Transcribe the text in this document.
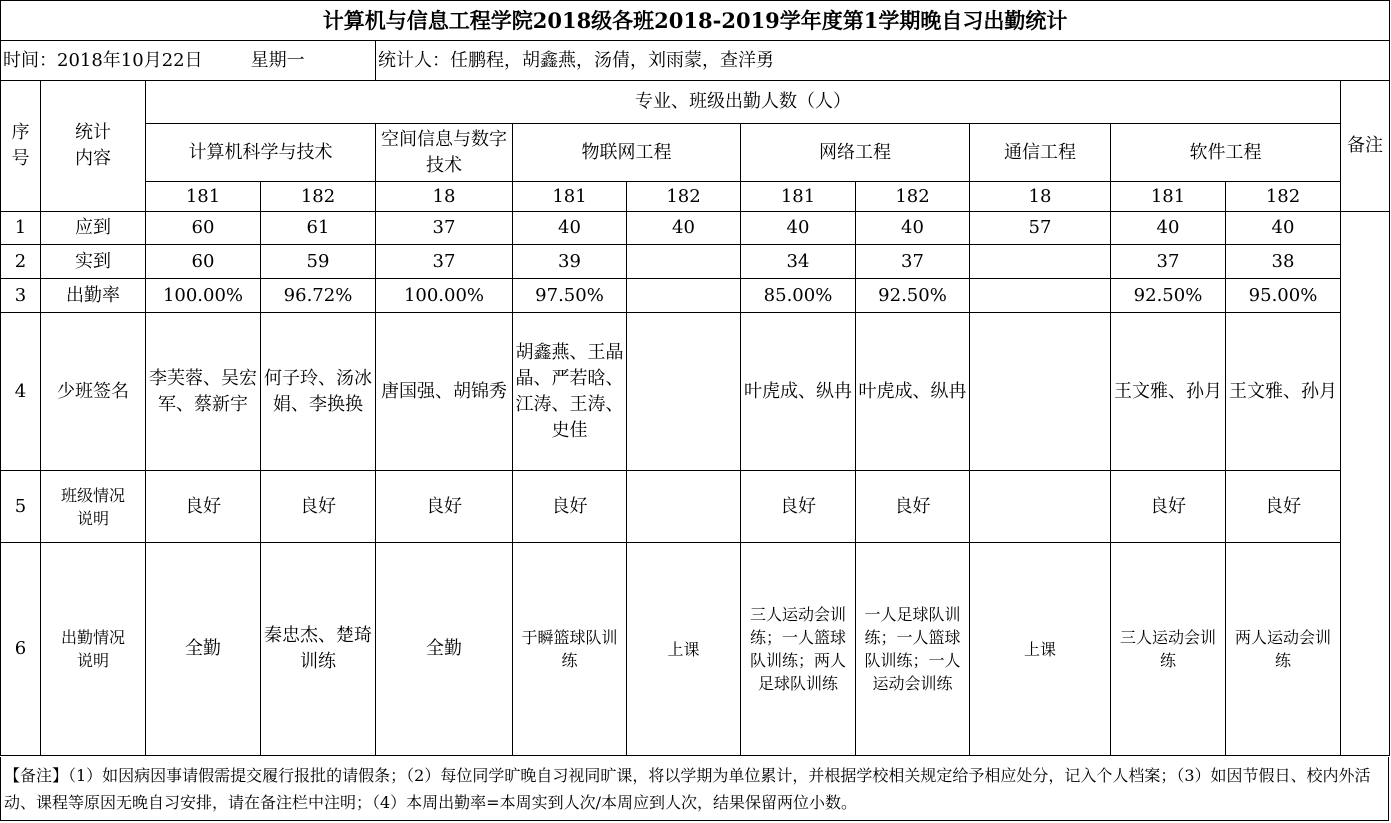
计算机与信息工程学院2018级各班2018-2019学年度第1学期晚自习出勤统计												
时间：2018年10月22日 星期一				统计人：任鹏程，胡鑫燕，汤倩，刘雨蒙，查洋勇								
序号	统计内容	专业、班级出勤人数（人）										备注
		计算机科学与技术		空间信息与数字技术	物联网工程		网络工程		通信工程	软件工程		
		181	182	18	181	182	181	182	18	181	182	
1	应到	60	61	37	40	40	40	40	57	40	40	
2	实到	60	59	37	39		34	37		37	38	
3	出勤率	100.00%	96.72%	100.00%	97.50%		85.00%	92.50%		92.50%	95.00%	
4	少班签名	李芙蓉、吴宏军、蔡新宇	何子玲、汤冰娟、李换换	唐国强、胡锦秀	胡鑫燕、王晶晶、严若晗、江涛、王涛、史佳		叶虎成、纵冉	叶虎成、纵冉		王文雅、孙月	王文雅、孙月	
5	班级情况说明	良好	良好	良好	良好		良好	良好		良好	良好	
6	出勤情况说明	全勤	秦忠杰、楚琦训练	全勤	于瞬篮球队训练	上课	三人运动会训练；一人篮球队训练；两人足球队训练	一人足球队训练；一人篮球队训练；一人运动会训练	上课	三人运动会训练	两人运动会训练	
【备注】（1）如因病因事请假需提交履行报批的请假条；（2）每位同学旷晚自习视同旷课，将以学期为单位累计，并根据学校相关规定给予相应处分，记入个人档案；（3）如因节假日、校内外活动、课程等原因无晚自习安排，请在备注栏中注明；（4）本周出勤率=本周实到人次/本周应到人次，结果保留两位小数。
